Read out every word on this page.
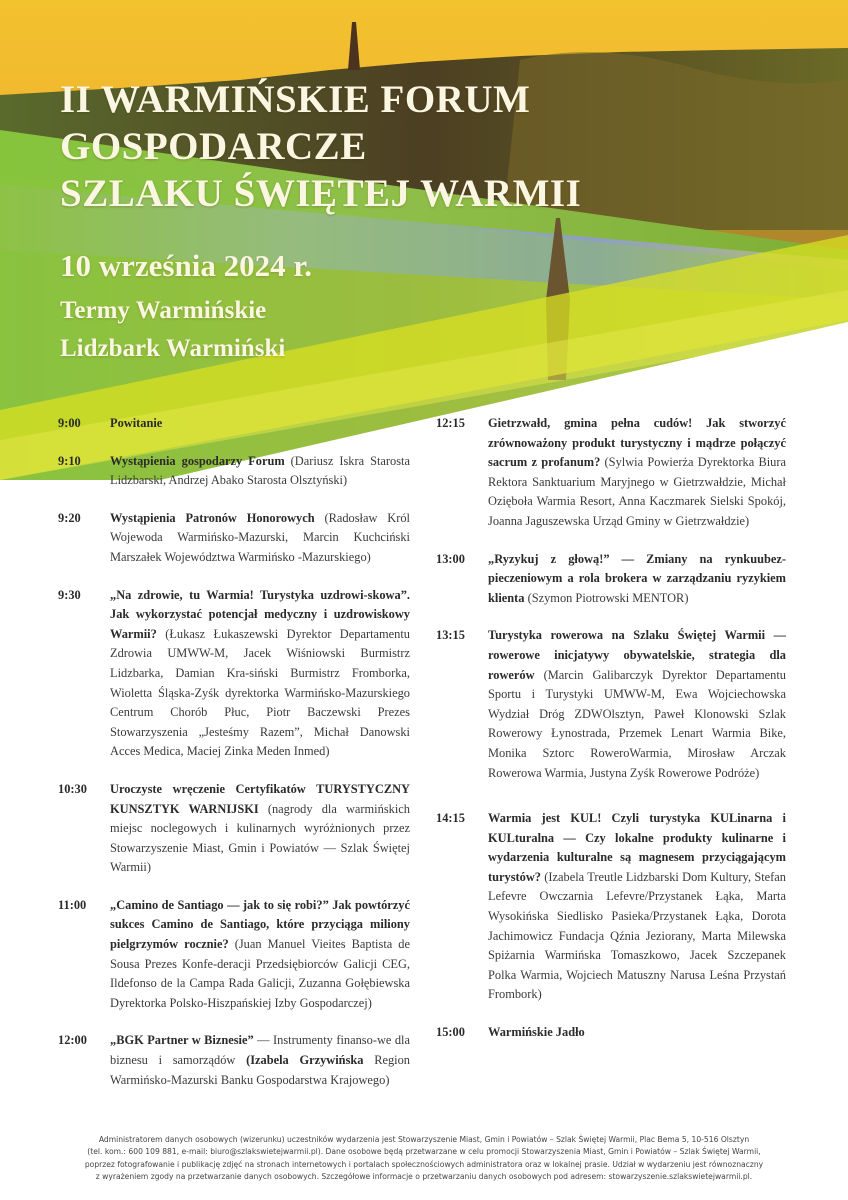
II WARMIŃSKIE FORUM
GOSPODARCZE
SZLAKU ŚWIĘTEJ WARMII
10 września 2024 r.
Termy Warmińskie
Lidzbark Warmiński
9:00	Powitanie
9:10	Wystąpienia gospodarzy Forum (Dariusz Iskra Starosta Lidzbarski, Andrzej Abako Starosta Olsztyński)
9:20	Wystąpienia Patronów Honorowych (Radosław Król Wojewoda Warmińsko-Mazurski, Marcin Kuchciński Marszałek Województwa Warmińsko -Mazurskiego)
9:30	„Na zdrowie, tu Warmia! Turystyka uzdrowi-skowa”. Jak wykorzystać potencjał medyczny i uzdrowiskowy Warmii? (Łukasz Łukaszewski Dyrektor Departamentu Zdrowia UMWW-M, Jacek Wiśniowski Burmistrz Lidzbarka, Damian Kra-siński Burmistrz Fromborka, Wioletta Śląska-Zyśk dyrektorka Warmińsko-Mazurskiego Centrum Chorób Płuc, Piotr Baczewski Prezes Stowarzyszenia „Jesteśmy Razem”, Michał Danowski Acces Medica, Maciej Zinka Meden Inmed)
10:30	Uroczyste wręczenie Certyfikatów TURYSTYCZNY KUNSZTYK WARNIJSKI (nagrody dla warmińskich miejsc noclegowych i kulinarnych wyróżnionych przez Stowarzyszenie Miast, Gmin i Powiatów — Szlak Świętej Warmii)
11:00	„Camino de Santiago — jak to się robi?” Jak powtórzyć sukces Camino de Santiago, które przyciąga miliony pielgrzymów rocznie? (Juan Manuel Vieites Baptista de Sousa Prezes Konfe-deracji Przedsiębiorców Galicji CEG, Ildefonso de la Campa Rada Galicji, Zuzanna Gołębiewska Dyrektorka Polsko-Hiszpańskiej Izby Gospodarczej)
12:00	„BGK Partner w Biznesie” — Instrumenty finanso-we dla biznesu i samorządów (Izabela Grzywińska Region Warmińsko-Mazurski Banku Gospodarstwa Krajowego)
12:15	Gietrzwałd, gmina pełna cudów! Jak stworzyć zrównoważony produkt turystyczny i mądrze połączyć sacrum z profanum? (Sylwia Powierża Dyrektorka Biura Rektora Sanktuarium Maryjnego w Gietrzwałdzie, Michał Ozięboła Warmia Resort, Anna Kaczmarek Sielski Spokój, Joanna Jaguszewska Urząd Gminy w Gietrzwałdzie)
13:00	„Ryzykuj z głową!” — Zmiany na rynkuubez-pieczeniowym a rola brokera w zarządzaniu ryzykiem klienta (Szymon Piotrowski MENTOR)
13:15	Turystyka rowerowa na Szlaku Świętej Warmii — rowerowe inicjatywy obywatelskie, strategia dla rowerów (Marcin Galibarczyk Dyrektor Departamentu Sportu i Turystyki UMWW-M, Ewa Wojciechowska Wydział Dróg ZDWOlsztyn, Paweł Klonowski Szlak Rowerowy Łynostrada, Przemek Lenart Warmia Bike, Monika Sztorc RoweroWarmia, Mirosław Arczak Rowerowa Warmia, Justyna Zyśk Rowerowe Podróże)
14:15	Warmia jest KUL! Czyli turystyka KULinarna i KULturalna — Czy lokalne produkty kulinarne i wydarzenia kulturalne są magnesem przyciągającym turystów? (Izabela Treutle Lidzbarski Dom Kultury, Stefan Lefevre Owczarnia Lefevre/Przystanek Łąka, Marta Wysokińska Siedlisko Pasieka/Przystanek Łąka, Dorota Jachimowicz Fundacja Qźnia Jeziorany, Marta Milewska Spiżarnia Warmińska Tomaszkowo, Jacek Szczepanek Polka Warmia, Wojciech Matuszny Narusa Leśna Przystań Frombork)
15:00	Warmińskie Jadło
Administratorem danych osobowych (wizerunku) uczestników wydarzenia jest Stowarzyszenie Miast, Gmin i Powiatów – Szlak Świętej Warmii, Plac Bema 5, 10-516 Olsztyn
(tel. kom.: 600 109 881, e-mail: biuro@szlakswietejwarmii.pl). Dane osobowe będą przetwarzane w celu promocji Stowarzyszenia Miast, Gmin i Powiatów – Szlak Świętej Warmii,
poprzez fotografowanie i publikację zdjęć na stronach internetowych i portalach społecznościowych administratora oraz w lokalnej prasie. Udział w wydarzeniu jest równoznaczny
z wyrażeniem zgody na przetwarzanie danych osobowych. Szczegółowe informacje o przetwarzaniu danych osobowych pod adresem: stowarzyszenie.szlakswietejwarmii.pl.
